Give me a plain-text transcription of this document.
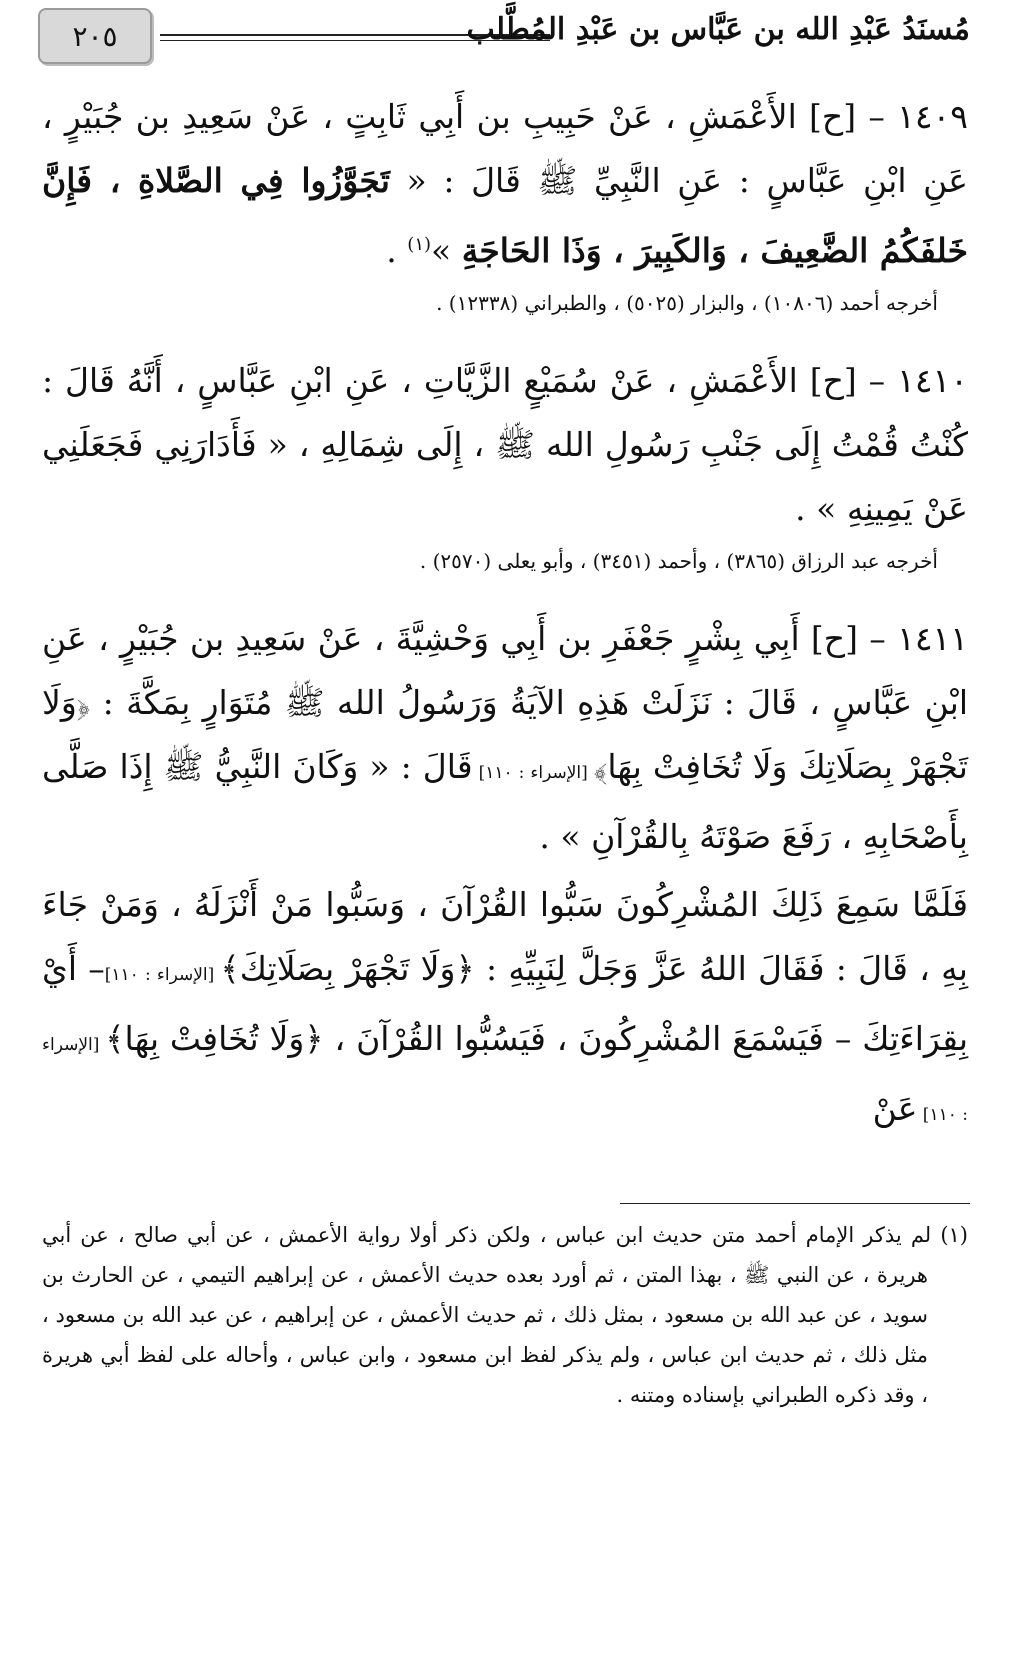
٢٠٥	مُسنَدُ عَبْدِ الله بن عَبَّاس بن عَبْدِ المُطَّلب

١٤٠٩ – [ح] الأَعْمَشِ ، عَنْ حَبِيبِ بن أَبِي ثَابِتٍ ، عَنْ سَعِيدِ بن جُبَيْرٍ ، عَنِ ابْنِ عَبَّاسٍ : عَنِ النَّبِيِّ ﷺ قَالَ : « تَجَوَّزُوا فِي الصَّلاةِ ، فَإِنَّ خَلفَكُمُ الضَّعِيفَ ، وَالكَبِيرَ ، وَذَا الحَاجَةِ »$^{(١)}$ .

أخرجه أحمد (١٠٨٠٦) ، والبزار (٥٠٢٥) ، والطبراني (١٢٣٣٨) .

١٤١٠ – [ح] الأَعْمَشِ ، عَنْ سُمَيْعٍ الزَّيَّاتِ ، عَنِ ابْنِ عَبَّاسٍ ، أَنَّهُ قَالَ : كُنْتُ قُمْتُ إِلَى جَنْبِ رَسُولِ الله ﷺ ، إِلَى شِمَالِهِ ، « فَأَدَارَنِي فَجَعَلَنِي عَنْ يَمِينِهِ » .

أخرجه عبد الرزاق (٣٨٦٥) ، وأحمد (٣٤٥١) ، وأبو يعلى (٢٥٧٠) .

١٤١١ – [ح] أَبِي بِشْرٍ جَعْفَرِ بن أَبِي وَحْشِيَّةَ ، عَنْ سَعِيدِ بن جُبَيْرٍ ، عَنِ ابْنِ عَبَّاسٍ ، قَالَ : نَزَلَتْ هَذِهِ الآيَةُ وَرَسُولُ الله ﷺ مُتَوَارٍ بِمَكَّةَ : ﴿وَلَا تَجْهَرْ بِصَلَاتِكَ وَلَا تُخَافِتْ بِهَا﴾ [الإسراء : ١١٠] قَالَ : « وَكَانَ النَّبِيُّ ﷺ إِذَا صَلَّى بِأَصْحَابِهِ ، رَفَعَ صَوْتَهُ بِالقُرْآنِ » .

فَلَمَّا سَمِعَ ذَلِكَ المُشْرِكُونَ سَبُّوا القُرْآنَ ، وَسَبُّوا مَنْ أَنْزَلَهُ ، وَمَنْ جَاءَ بِهِ ، قَالَ : فَقَالَ اللهُ عَزَّ وَجَلَّ لِنَبِيِّهِ : ﴿وَلَا تَجْهَرْ بِصَلَاتِكَ﴾ [الإسراء : ١١٠]– أَيْ بِقِرَاءَتِكَ – فَيَسْمَعَ المُشْرِكُونَ ، فَيَسُبُّوا القُرْآنَ ، ﴿وَلَا تُخَافِتْ بِهَا﴾ [الإسراء : ١١٠] عَنْ

(١) لم يذكر الإمام أحمد متن حديث ابن عباس ، ولكن ذكر أولا رواية الأعمش ، عن أبي صالح ، عن أبي هريرة ، عن النبي ﷺ ، بهذا المتن ، ثم أورد بعده حديث الأعمش ، عن إبراهيم التيمي ، عن الحارث بن سويد ، عن عبد الله بن مسعود ، بمثل ذلك ، ثم حديث الأعمش ، عن إبراهيم ، عن عبد الله بن مسعود ، مثل ذلك ، ثم حديث ابن عباس ، ولم يذكر لفظ ابن مسعود ، وابن عباس ، وأحاله على لفظ أبي هريرة ، وقد ذكره الطبراني بإسناده ومتنه .
